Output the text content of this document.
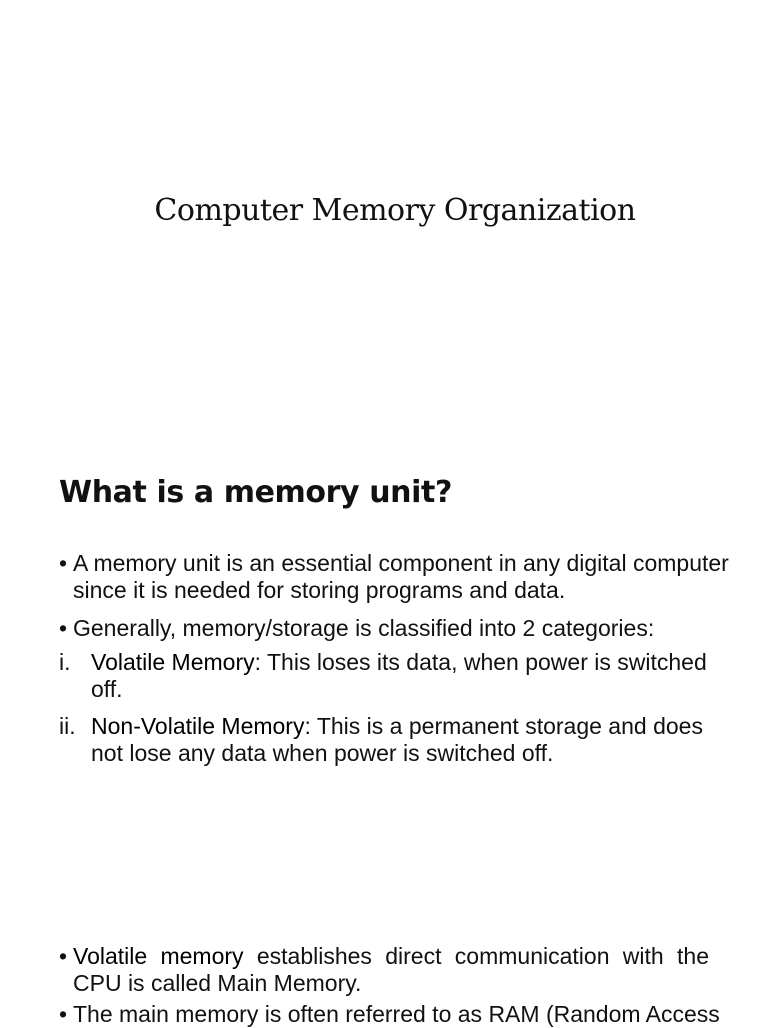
Computer Memory Organization
What is a memory unit?

• A memory unit is an essential component in any digital computer since it is needed for storing programs and data.

• Generally, memory/storage is classified into 2 categories:

i. Volatile Memory: This loses its data, when power is switched off.

ii. Non-Volatile Memory: This is a permanent storage and does not lose any data when power is switched off.

• Volatile memory establishes direct communication with the CPU is called Main Memory.

• The main memory is often referred to as RAM (Random Access
